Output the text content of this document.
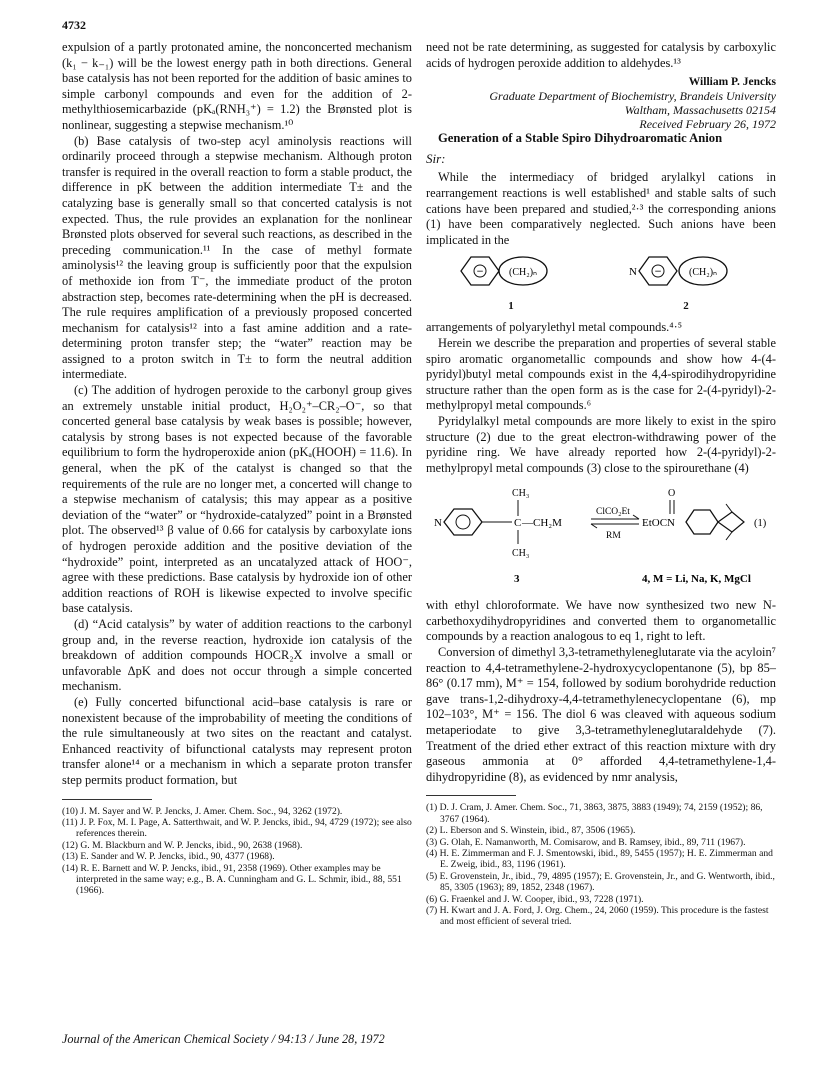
4732

expulsion of a partly protonated amine, the nonconcerted mechanism (k₁ − k₋₁) will be the lowest energy path in both directions. General base catalysis has not been reported for the addition of basic amines to simple carbonyl compounds and even for the addition of 2-methylthiosemicarbazide (pKₐ(RNH₃⁺) = 1.2) the Brønsted plot is nonlinear, suggesting a stepwise mechanism.¹⁰

(b) Base catalysis of two-step acyl aminolysis reactions will ordinarily proceed through a stepwise mechanism. Although proton transfer is required in the overall reaction to form a stable product, the difference in pK between the addition intermediate T± and the catalyzing base is generally small so that concerted catalysis is not expected. Thus, the rule provides an explanation for the nonlinear Brønsted plots observed for several such reactions, as described in the preceding communication.¹¹ In the case of methyl formate aminolysis¹² the leaving group is sufficiently poor that the expulsion of methoxide ion from T⁻, the immediate product of the proton abstraction step, becomes rate-determining when the pH is decreased. The rule requires amplification of a previously proposed concerted mechanism for catalysis¹² into a fast amine addition and a rate-determining proton transfer step; the “water” reaction may be assigned to a proton switch in T± to form the neutral addition intermediate.

(c) The addition of hydrogen peroxide to the carbonyl group gives an extremely unstable initial product, H₂O₂⁺–CR₂–O⁻, so that concerted general base catalysis by weak bases is possible; however, catalysis by strong bases is not expected because of the favorable equilibrium to form the hydroperoxide anion (pKₐ(HOOH) = 11.6). In general, when the pK of the catalyst is changed so that the requirements of the rule are no longer met, a concerted will change to a stepwise mechanism of catalysis; this may appear as a positive deviation of the “water” or “hydroxide-catalyzed” point in a Brønsted plot. The observed¹³ β value of 0.66 for catalysis by carboxylate ions of hydrogen peroxide addition and the positive deviation of the “hydroxide” point, interpreted as an uncatalyzed attack of HOO⁻, agree with these predictions. Base catalysis by hydroxide ion of other addition reactions of ROH is likewise expected to involve specific base catalysis.

(d) “Acid catalysis” by water of addition reactions to the carbonyl group and, in the reverse reaction, hydroxide ion catalysis of the breakdown of addition compounds HOCR₂X involve a small or unfavorable ΔpK and does not occur through a simple concerted mechanism.

(e) Fully concerted bifunctional acid–base catalysis is rare or nonexistent because of the improbability of meeting the conditions of the rule simultaneously at two sites on the reactant and catalyst. Enhanced reactivity of bifunctional catalysts may represent proton transfer alone¹⁴ or a mechanism in which a separate proton transfer step permits product formation, but

(10) J. M. Sayer and W. P. Jencks, J. Amer. Chem. Soc., 94, 3262 (1972).
(11) J. P. Fox, M. I. Page, A. Satterthwait, and W. P. Jencks, ibid., 94, 4729 (1972); see also references therein.
(12) G. M. Blackburn and W. P. Jencks, ibid., 90, 2638 (1968).
(13) E. Sander and W. P. Jencks, ibid., 90, 4377 (1968).
(14) R. E. Barnett and W. P. Jencks, ibid., 91, 2358 (1969). Other examples may be interpreted in the same way; e.g., B. A. Cunningham and G. L. Schmir, ibid., 88, 551 (1966).

need not be rate determining, as suggested for catalysis by carboxylic acids of hydrogen peroxide addition to aldehydes.¹³

William P. Jencks
Graduate Department of Biochemistry, Brandeis University
Waltham, Massachusetts 02154
Received February 26, 1972

Generation of a Stable Spiro Dihydroaromatic Anion

Sir:

While the intermediacy of bridged arylalkyl cations in rearrangement reactions is well established¹ and stable salts of such cations have been prepared and studied,²·³ the corresponding anions (1) have been comparatively neglected. Such anions have been implicated in the

−	(CH₂)ₙ
1
N −	(CH₂)ₙ
2

arrangements of polyarylethyl metal compounds.⁴·⁵

Herein we describe the preparation and properties of several stable spiro aromatic organometallic compounds and show how 4-(4-pyridyl)butyl metal compounds exist in the 4,4-spirodihydropyridine structure rather than the open form as is the case for 2-(4-pyridyl)-2-methylpropyl metal compounds.⁶

Pyridylalkyl metal compounds are more likely to exist in the spiro structure (2) due to the great electron-withdrawing power of the pyridine ring. We have already reported how 2-(4-pyridyl)-2-methylpropyl metal compounds (3) close to the spirourethane (4)

CH₃
N	C —CH₂M
CH₃
ClCO₂Et
RM
O
EtOCN	(1)
3	4, M = Li, Na, K, MgCl

with ethyl chloroformate. We have now synthesized two new N-carbethoxydihydropyridines and converted them to organometallic compounds by a reaction analogous to eq 1, right to left.

Conversion of dimethyl 3,3-tetramethyleneglutarate via the acyloin⁷ reaction to 4,4-tetramethylene-2-hydroxycyclopentanone (5), bp 85–86° (0.17 mm), M⁺ = 154, followed by sodium borohydride reduction gave trans-1,2-dihydroxy-4,4-tetramethylenecyclopentane (6), mp 102–103°, M⁺ = 156. The diol 6 was cleaved with aqueous sodium metaperiodate to give 3,3-tetramethyleneglutaraldehyde (7). Treatment of the dried ether extract of this reaction mixture with dry gaseous ammonia at 0° afforded 4,4-tetramethylene-1,4-dihydropyridine (8), as evidenced by nmr analysis,

(1) D. J. Cram, J. Amer. Chem. Soc., 71, 3863, 3875, 3883 (1949); 74, 2159 (1952); 86, 3767 (1964).
(2) L. Eberson and S. Winstein, ibid., 87, 3506 (1965).
(3) G. Olah, E. Namanworth, M. Comisarow, and B. Ramsey, ibid., 89, 711 (1967).
(4) H. E. Zimmerman and F. J. Smentowski, ibid., 89, 5455 (1957); H. E. Zimmerman and E. Zweig, ibid., 83, 1196 (1961).
(5) E. Grovenstein, Jr., ibid., 79, 4895 (1957); E. Grovenstein, Jr., and G. Wentworth, ibid., 85, 3305 (1963); 89, 1852, 2348 (1967).
(6) G. Fraenkel and J. W. Cooper, ibid., 93, 7228 (1971).
(7) H. Kwart and J. A. Ford, J. Org. Chem., 24, 2060 (1959). This procedure is the fastest and most efficient of several tried.
Journal of the American Chemical Society / 94:13 / June 28, 1972
